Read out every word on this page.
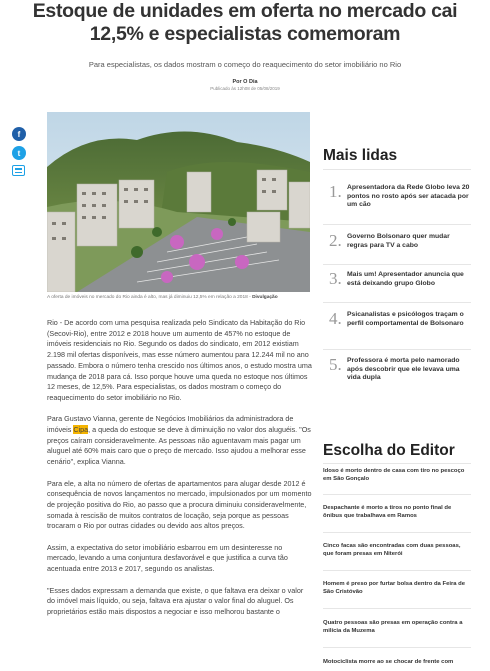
Estoque de unidades em oferta no mercado cai
12,5% e especialistas comemoram
Para especialistas, os dados mostram o começo do reaquecimento do setor imobiliário no Rio
Por O Dia
Publicado às 12h08 de 05/08/2019
f
t
A oferta de imóveis no mercado do Rio ainda é alto, mas já diminuiu 12,5% em relação a 2018 - Divulgação

Rio - De acordo com uma pesquisa realizada pelo Sindicato da Habitação do Rio (Secovi-Rio), entre 2012 e 2018 houve um aumento de 457% no estoque de imóveis residenciais no Rio. Segundo os dados do sindicato, em 2012 existiam 2.198 mil ofertas disponíveis, mas esse número aumentou para 12.244 mil no ano passado. Embora o número tenha crescido nos últimos anos, o estudo mostra uma mudança de 2018 para cá. Isso porque houve uma queda no estoque nos últimos 12 meses, de 12,5%. Para especialistas, os dados mostram o começo do reaquecimento do setor imobiliário no Rio.

Para Gustavo Vianna, gerente de Negócios Imobiliários da administradora de imóveis Cipa, a queda do estoque se deve à diminuição no valor dos aluguéis. "Os preços caíram consideravelmente. As pessoas não aguentavam mais pagar um aluguel até 60% mais caro que o preço de mercado. Isso ajudou a melhorar esse cenário", explica Vianna.

Para ele, a alta no número de ofertas de apartamentos para alugar desde 2012 é consequência de novos lançamentos no mercado, impulsionados por um momento de projeção positiva do Rio, ao passo que a procura diminuiu consideravelmente, somada à rescisão de muitos contratos de locação, seja porque as pessoas trocaram o Rio por outras cidades ou devido aos altos preços.

Assim, a expectativa do setor imobiliário esbarrou em um desinteresse no mercado, levando a uma conjuntura desfavorável e que justifica a curva tão acentuada entre 2013 e 2017, segundo os analistas.

"Esses dados expressam a demanda que existe, o que faltava era deixar o valor do imóvel mais líquido, ou seja, faltava era ajustar o valor final do aluguel. Os proprietários estão mais dispostos a negociar e isso melhorou bastante o

Mais lidas
1. Apresentadora da Rede Globo leva 20 pontos no rosto após ser atacada por um cão
2. Governo Bolsonaro quer mudar regras para TV a cabo
3. Mais um! Apresentador anuncia que está deixando grupo Globo
4. Psicanalistas e psicólogos traçam o perfil comportamental de Bolsonaro
5. Professora é morta pelo namorado após descobrir que ele levava uma vida dupla
Escolha do Editor
Idoso é morto dentro de casa com tiro no pescoço em São Gonçalo
Despachante é morto a tiros no ponto final de ônibus que trabalhava em Ramos
Cinco facas são encontradas com duas pessoas, que foram presas em Niterói
Homem é preso por furtar bolsa dentro da Feira de São Cristóvão
Quatro pessoas são presas em operação contra a milícia da Muzema
Motociclista morre ao se chocar de frente com
